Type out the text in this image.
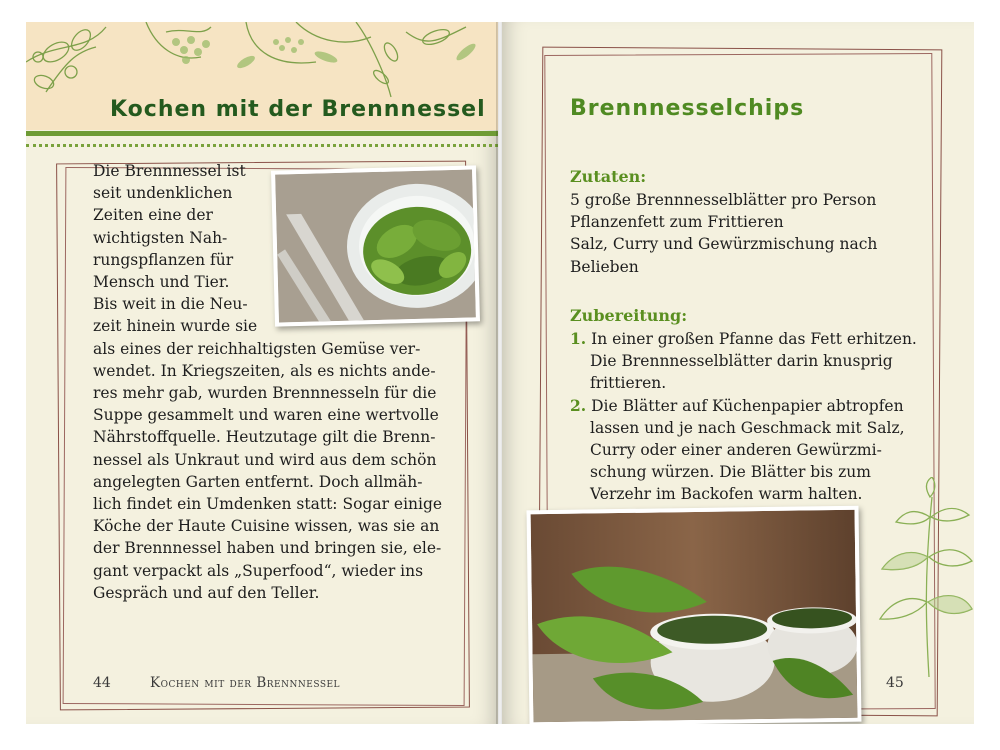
Kochen mit der Brennnessel
Die Brennnessel ist
seit undenklichen
Zeiten eine der
wichtigsten Nah-
rungspflanzen für
Mensch und Tier.
Bis weit in die Neu-
zeit hinein wurde sie
als eines der reichhaltigsten Gemüse ver-
wendet. In Kriegszeiten, als es nichts ande-
res mehr gab, wurden Brennnesseln für die
Suppe gesammelt und waren eine wertvolle
Nährstoffquelle. Heutzutage gilt die Brenn-
nessel als Unkraut und wird aus dem schön
angelegten Garten entfernt. Doch allmäh-
lich findet ein Umdenken statt: Sogar einige
Köche der Haute Cuisine wissen, was sie an
der Brennnessel haben und bringen sie, ele-
gant verpackt als „Superfood“, wieder ins
Gespräch und auf den Teller.
44	Kochen mit der Brennnessel
Brennnesselchips

Zutaten:

5 große Brennnesselblätter pro Person
Pflanzenfett zum Frittieren
Salz, Curry und Gewürzmischung nach
Belieben

Zubereitung:

1. In einer großen Pfanne das Fett erhitzen.
Die Brennnesselblätter darin knusprig
frittieren.
2. Die Blätter auf Küchenpapier abtropfen
lassen und je nach Geschmack mit Salz,
Curry oder einer anderen Gewürzmi-
schung würzen. Die Blätter bis zum
Verzehr im Backofen warm halten.
45
